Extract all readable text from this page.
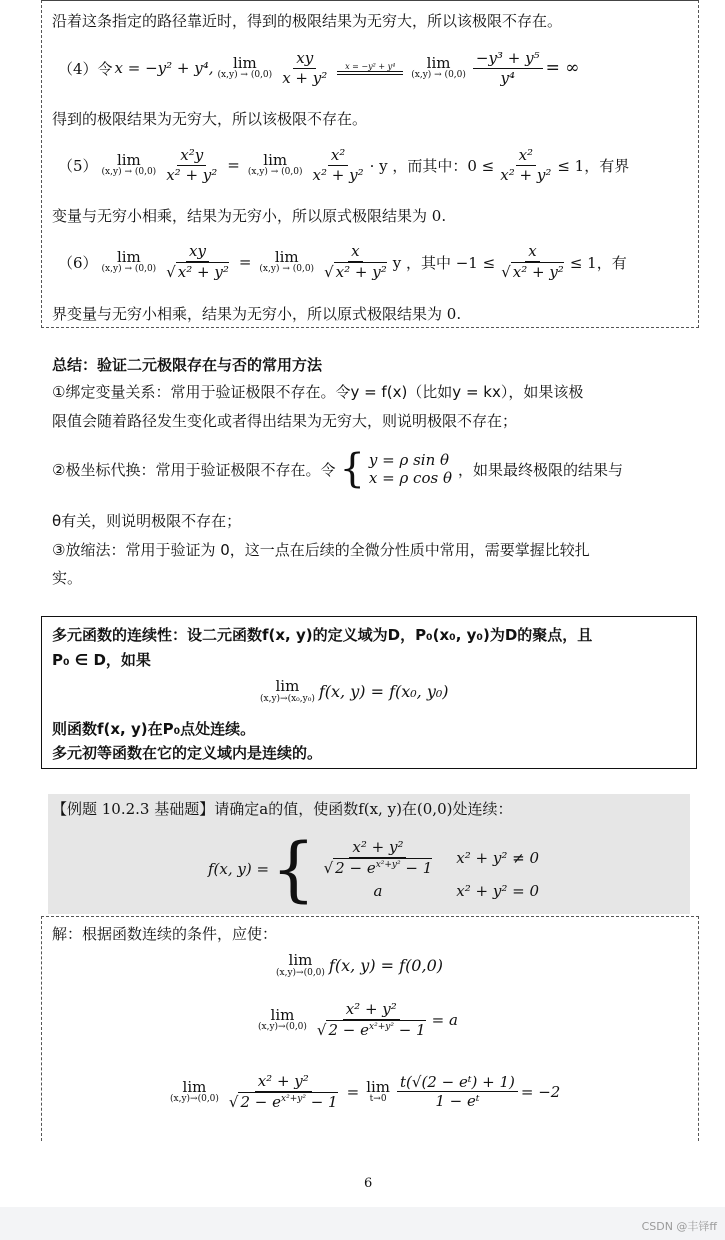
沿着这条指定的路径靠近时，得到的极限结果为无穷大，所以该极限不存在。
（4）令 x = −y² + y⁴, lim
$(x,y) \to (0,0) \frac{xy}{\text{x + y²}}$ x = −y² + y⁴ lim
$(x,y) \to (0,0) \frac{\text{−y³ + y⁵}}{\text{y⁴}}$ = ∞
得到的极限结果为无穷大，所以该极限不存在。
（5） lim
$(x,y) \to (0,0) \frac{\text{x²y}}{\text{x² + y²}} = \lim$
$(x,y) \to (0,0) \frac{\text{x²}}{\text{x² + y²}} \cdot y$ ，而其中：$0 \le \frac{\text{x²}}{\text{x² + y²}} \le 1$，有界
变量与无穷小相乘，结果为无穷小，所以原式极限结果为 0.
（6） lim
$(x,y) \to (0,0) \frac{xy}{\text{√ x² + y²}} = \lim$
$(x,y) \to (0,0) \frac{x}{\text{√ x² + y²}}$ y ，其中 $-1 \le \frac{x}{\text{√ x² + y²}} \le 1$，有
界变量与无穷小相乘，结果为无穷小，所以原式极限结果为 0.
总结：验证二元极限存在与否的常用方法
①绑定变量关系：常用于验证极限不存在。令y = f(x)（比如y = kx），如果该极
限值会随着路径发生变化或者得出结果为无穷大，则说明极限不存在；
②极坐标代换：常用于验证极限不存在。令 { y = ρ sin θ
x = ρ cos θ ，如果最终极限的结果与
θ有关，则说明极限不存在；
③放缩法：常用于验证为 0，这一点在后续的全微分性质中常用，需要掌握比较扎
实。
多元函数的连续性：设二元函数f(x, y)的定义域为D，P₀(x₀, y₀)为D的聚点，且
P₀ ∈ D，如果
lim
(x,y)→(x₀,y₀) f(x, y) = f(x₀, y₀)
则函数f(x, y)在P₀点处连续。
多元初等函数在它的定义域内是连续的。
【例题 10.2.3 基础题】请确定a的值，使函数f(x, y)在(0,0)处连续：
f(x, y) = { $\frac{\text{x² + y²}}{√ 2 - e^{x^2+y^2} - 1} x^2 + y^2 \ne 0$
a	x² + y² = 0
解：根据函数连续的条件，应使：
lim
(x,y)→(0,0) f(x, y) = f(0,0)
lim
$(x,y)\to(0,0) \frac{\text{x² + y²}}{√ 2 - e^{x^2+y^2} - 1} = a$
lim
$(x,y)\to(0,0) \frac{\text{x² + y²}}{√ 2 - e^{x^2+y^2} - 1} = \lim$
$t\to 0 \frac{\text{t(√(2 − eᵗ) + 1)}}{\text{1 − eᵗ}} = -2$
6
CSDN @丰铎ff
